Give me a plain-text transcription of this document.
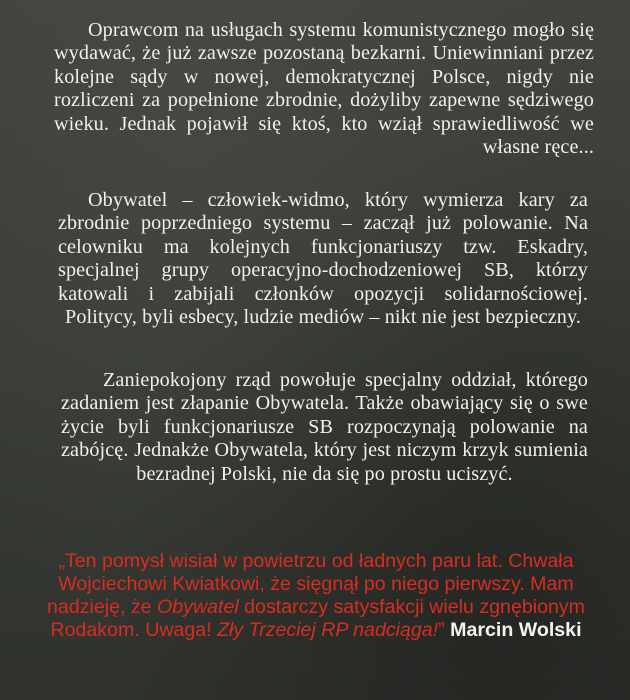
Oprawcom na usługach systemu komunistycznego mogło się wydawać, że już zawsze pozostaną bezkarni. Uniewinniani przez kolejne sądy w nowej, demokratycznej Polsce, nigdy nie rozliczeni za popełnione zbrodnie, dożyliby zapewne sędziwego wieku. Jednak pojawił się ktoś, kto wziął sprawiedliwość we własne ręce...

Obywatel – człowiek-widmo, który wymierza kary za zbrodnie poprzedniego systemu – zaczął już polowanie. Na celowniku ma kolejnych funkcjonariuszy tzw. Eskadry, specjalnej grupy operacyjno-dochodzeniowej SB, którzy katowali i zabijali członków opozycji solidarnościowej. Politycy, byli esbecy, ludzie mediów – nikt nie jest bezpieczny.

Zaniepokojony rząd powołuje specjalny oddział, którego zadaniem jest złapanie Obywatela. Także obawiający się o swe życie byli funkcjonariusze SB rozpoczynają polowanie na zabójcę. Jednakże Obywatela, który jest niczym krzyk sumienia bezradnej Polski, nie da się po prostu uciszyć.

„Ten pomysł wisiał w powietrzu od ładnych paru lat. Chwała Wojciechowi Kwiatkowi, że sięgnął po niego pierwszy. Mam nadzieję, że Obywatel dostarczy satysfakcji wielu zgnębionym Rodakom. Uwaga! Zły Trzeciej RP nadciąga!” Marcin Wolski
